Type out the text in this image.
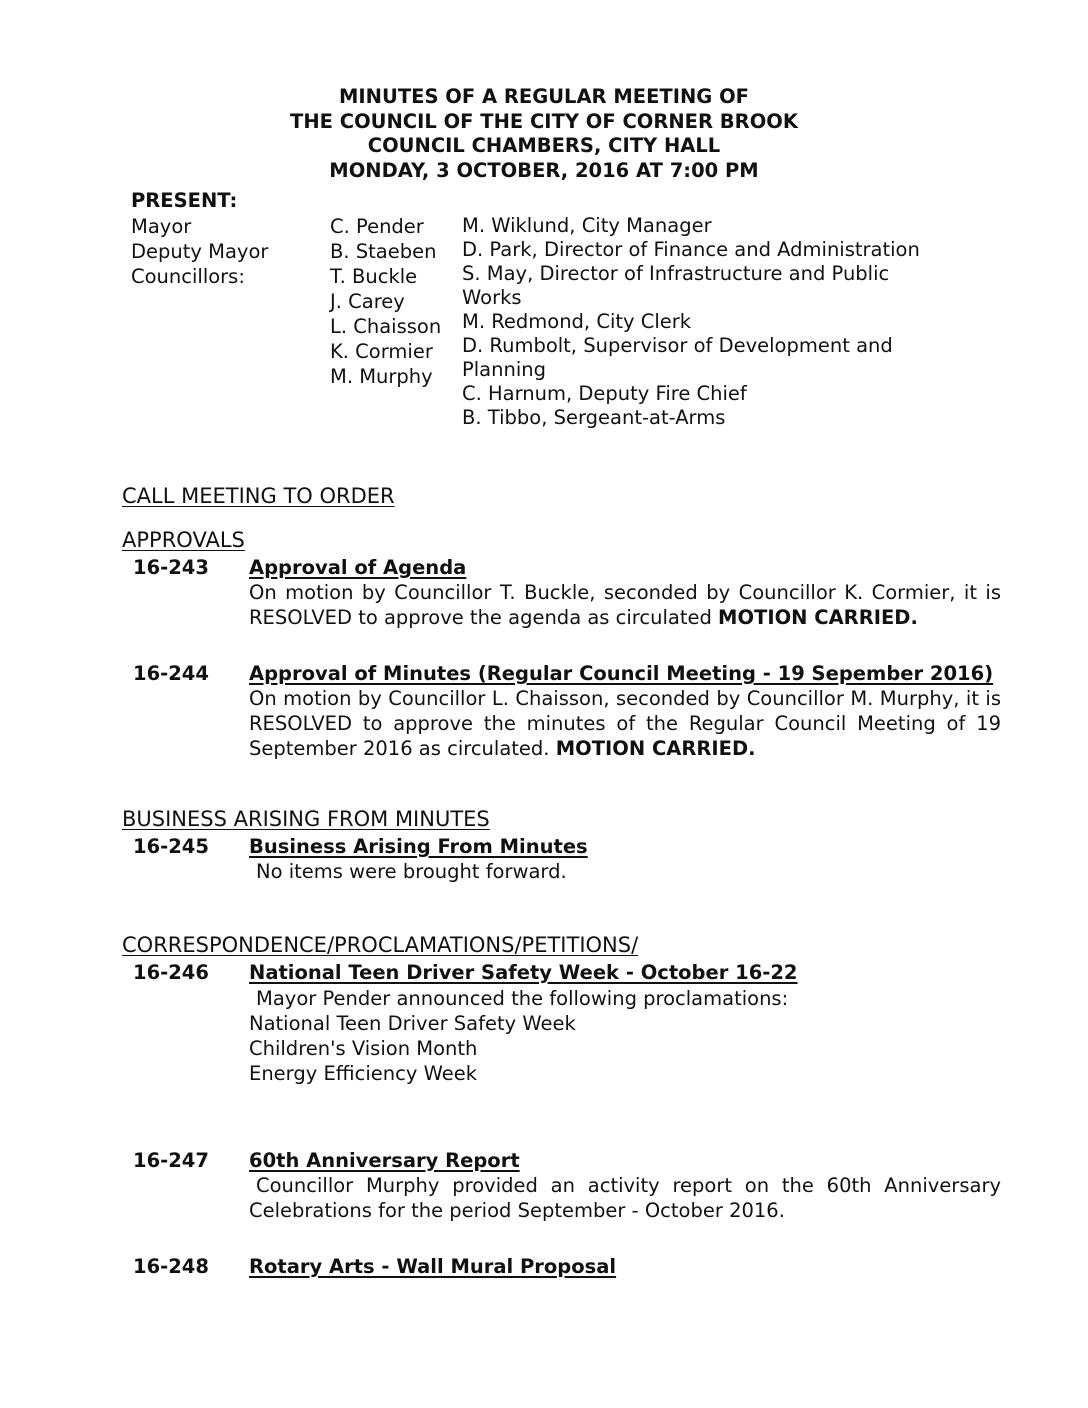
MINUTES OF A REGULAR MEETING OF
THE COUNCIL OF THE CITY OF CORNER BROOK
COUNCIL CHAMBERS, CITY HALL
MONDAY, 3 OCTOBER, 2016 AT 7:00 PM
PRESENT:
Mayor
Deputy Mayor
Councillors:
C. Pender
B. Staeben
T. Buckle
J. Carey
L. Chaisson
K. Cormier
M. Murphy
M. Wiklund, City Manager
D. Park, Director of Finance and Administration
S. May, Director of Infrastructure and Public
Works
M. Redmond, City Clerk
D. Rumbolt, Supervisor of Development and
Planning
C. Harnum, Deputy Fire Chief
B. Tibbo, Sergeant-at-Arms
CALL MEETING TO ORDER
APPROVALS
16-243 Approval of Agenda
On motion by Councillor T. Buckle, seconded by Councillor K. Cormier, it is RESOLVED to approve the agenda as circulated MOTION CARRIED.
16-244 Approval of Minutes (Regular Council Meeting - 19 Sepember 2016)
On motion by Councillor L. Chaisson, seconded by Councillor M. Murphy, it is RESOLVED to approve the minutes of the Regular Council Meeting of 19 September 2016 as circulated. MOTION CARRIED.
BUSINESS ARISING FROM MINUTES
16-245 Business Arising From Minutes
No items were brought forward.
CORRESPONDENCE/PROCLAMATIONS/PETITIONS/
16-246 National Teen Driver Safety Week - October 16-22
Mayor Pender announced the following proclamations:
National Teen Driver Safety Week
Children's Vision Month
Energy Efficiency Week
16-247 60th Anniversary Report
Councillor Murphy provided an activity report on the 60th Anniversary Celebrations for the period September - October 2016.
16-248 Rotary Arts - Wall Mural Proposal
